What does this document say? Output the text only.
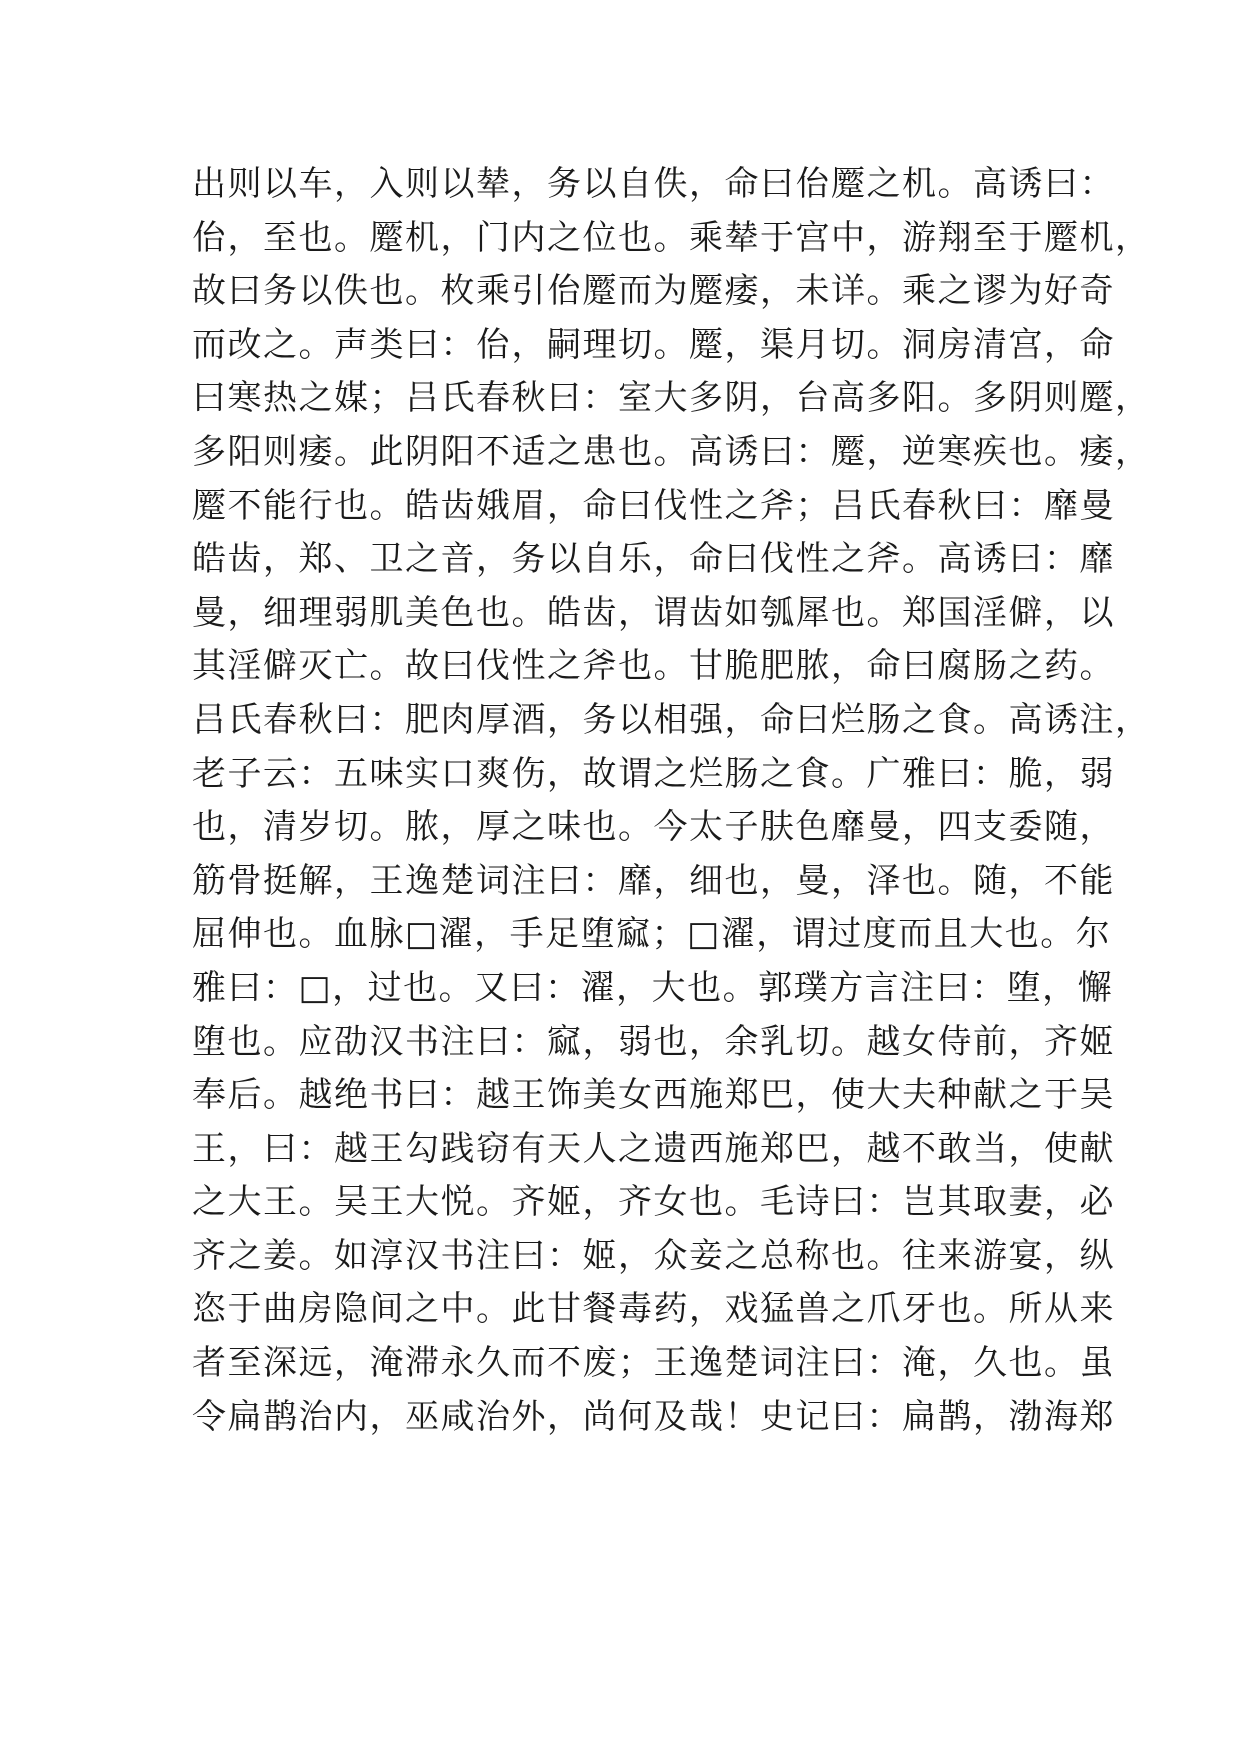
出则以车，入则以辇，务以自佚，命曰佁蹷之机。高诱曰：
佁，至也。蹷机，门内之位也。乘辇于宫中，游翔至于蹷机，
故曰务以佚也。枚乘引佁蹷而为蹷痿，未详。乘之谬为好奇
而改之。声类曰：佁，嗣理切。蹷，渠月切。洞房清宫，命
曰寒热之媒；吕氏春秋曰：室大多阴，台高多阳。多阴则蹷，
多阳则痿。此阴阳不适之患也。高诱曰：蹷，逆寒疾也。痿，
蹷不能行也。皓齿娥眉，命曰伐性之斧；吕氏春秋曰：靡曼
皓齿，郑、卫之音，务以自乐，命曰伐性之斧。高诱曰：靡
曼，细理弱肌美色也。皓齿，谓齿如瓠犀也。郑国淫僻，以
其淫僻灭亡。故曰伐性之斧也。甘脆肥脓，命曰腐肠之药。
吕氏春秋曰：肥肉厚酒，务以相强，命曰烂肠之食。高诱注，
老子云：五味实口爽伤，故谓之烂肠之食。广雅曰：脆，弱
也，清岁切。脓，厚之味也。今太子肤色靡曼，四支委随，
筋骨挺解，王逸楚词注曰：靡，细也，曼，泽也。随，不能
屈伸也。血脉□濯，手足堕窳；□濯，谓过度而且大也。尔
雅曰：□，过也。又曰：濯，大也。郭璞方言注曰：堕，懈
堕也。应劭汉书注曰：窳，弱也，余乳切。越女侍前，齐姬
奉后。越绝书曰：越王饰美女西施郑巴，使大夫种献之于吴
王，曰：越王勾践窃有天人之遗西施郑巴，越不敢当，使献
之大王。吴王大悦。齐姬，齐女也。毛诗曰：岂其取妻，必
齐之姜。如淳汉书注曰：姬，众妾之总称也。往来游宴，纵
恣于曲房隐间之中。此甘餐毒药，戏猛兽之爪牙也。所从来
者至深远，淹滞永久而不废；王逸楚词注曰：淹，久也。虽
令扁鹊治内，巫咸治外，尚何及哉！史记曰：扁鹊，渤海郑
